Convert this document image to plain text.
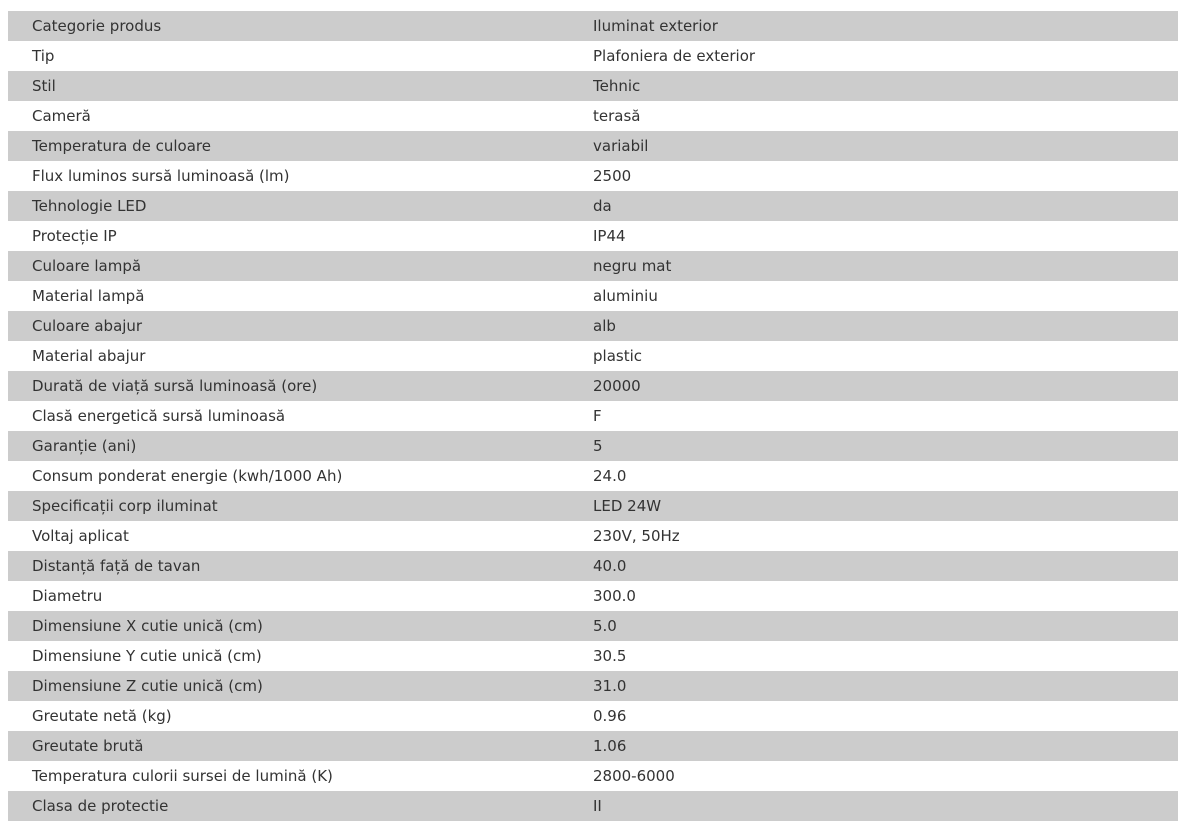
Categorie produs	Iluminat exterior
Tip	Plafoniera de exterior
Stil	Tehnic
Cameră	terasă
Temperatura de culoare	variabil
Flux luminos sursă luminoasă (lm)	2500
Tehnologie LED	da
Protecție IP	IP44
Culoare lampă	negru mat
Material lampă	aluminiu
Culoare abajur	alb
Material abajur	plastic
Durată de viață sursă luminoasă (ore)	20000
Clasă energetică sursă luminoasă	F
Garanție (ani)	5
Consum ponderat energie (kwh/1000 Ah)	24.0
Specificații corp iluminat	LED 24W
Voltaj aplicat	230V, 50Hz
Distanță față de tavan	40.0
Diametru	300.0
Dimensiune X cutie unică (cm)	5.0
Dimensiune Y cutie unică (cm)	30.5
Dimensiune Z cutie unică (cm)	31.0
Greutate netă (kg)	0.96
Greutate brută	1.06
Temperatura culorii sursei de lumină (K)	2800-6000
Clasa de protectie	II
